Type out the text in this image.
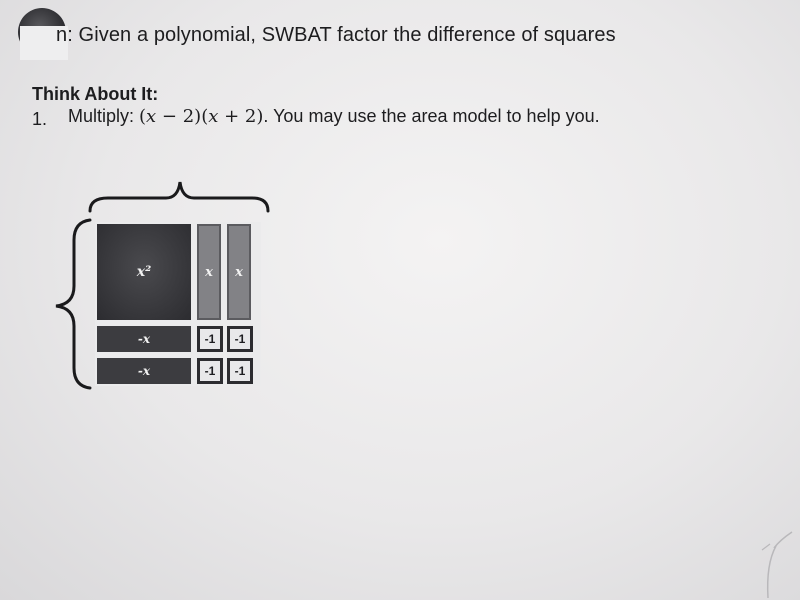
n: Given a polynomial, SWBAT factor the difference of squares
Think About It:
1. Multiply: (x − 2)(x + 2). You may use the area model to help you.
x²	x x
-x
-x
-1 -1
-1 -1
